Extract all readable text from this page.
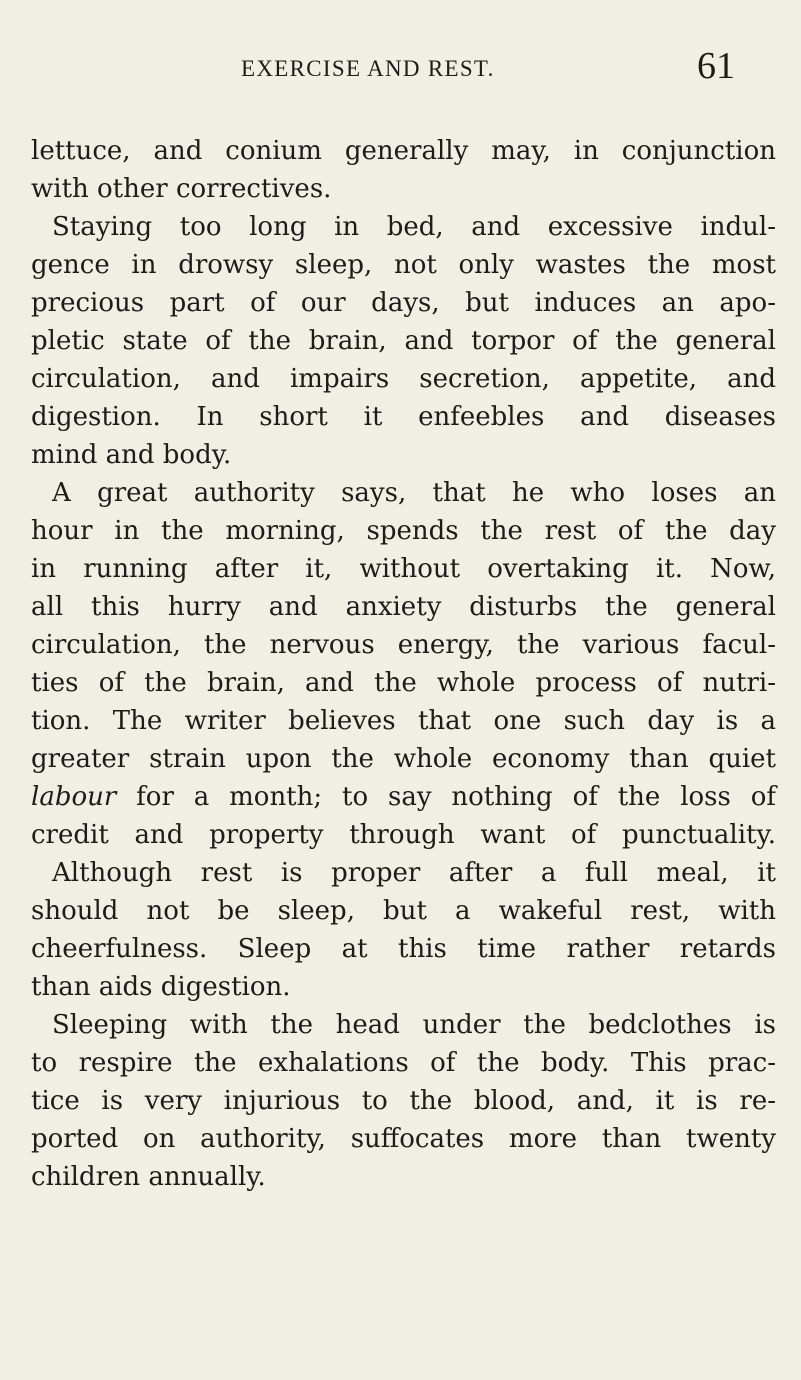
EXERCISE AND REST.	61
lettuce, and conium generally may, in conjunction
with other correctives.
Staying too long in bed, and excessive indul-
gence in drowsy sleep, not only wastes the most
precious part of our days, but induces an apo-
pletic state of the brain, and torpor of the general
circulation, and impairs secretion, appetite, and
digestion. In short it enfeebles and diseases
mind and body.
A great authority says, that he who loses an
hour in the morning, spends the rest of the day
in running after it, without overtaking it. Now,
all this hurry and anxiety disturbs the general
circulation, the nervous energy, the various facul-
ties of the brain, and the whole process of nutri-
tion. The writer believes that one such day is a
greater strain upon the whole economy than quiet
labour for a month; to say nothing of the loss of
credit and property through want of punctuality.
Although rest is proper after a full meal, it
should not be sleep, but a wakeful rest, with
cheerfulness. Sleep at this time rather retards
than aids digestion.
Sleeping with the head under the bedclothes is
to respire the exhalations of the body. This prac-
tice is very injurious to the blood, and, it is re-
ported on authority, suffocates more than twenty
children annually.
